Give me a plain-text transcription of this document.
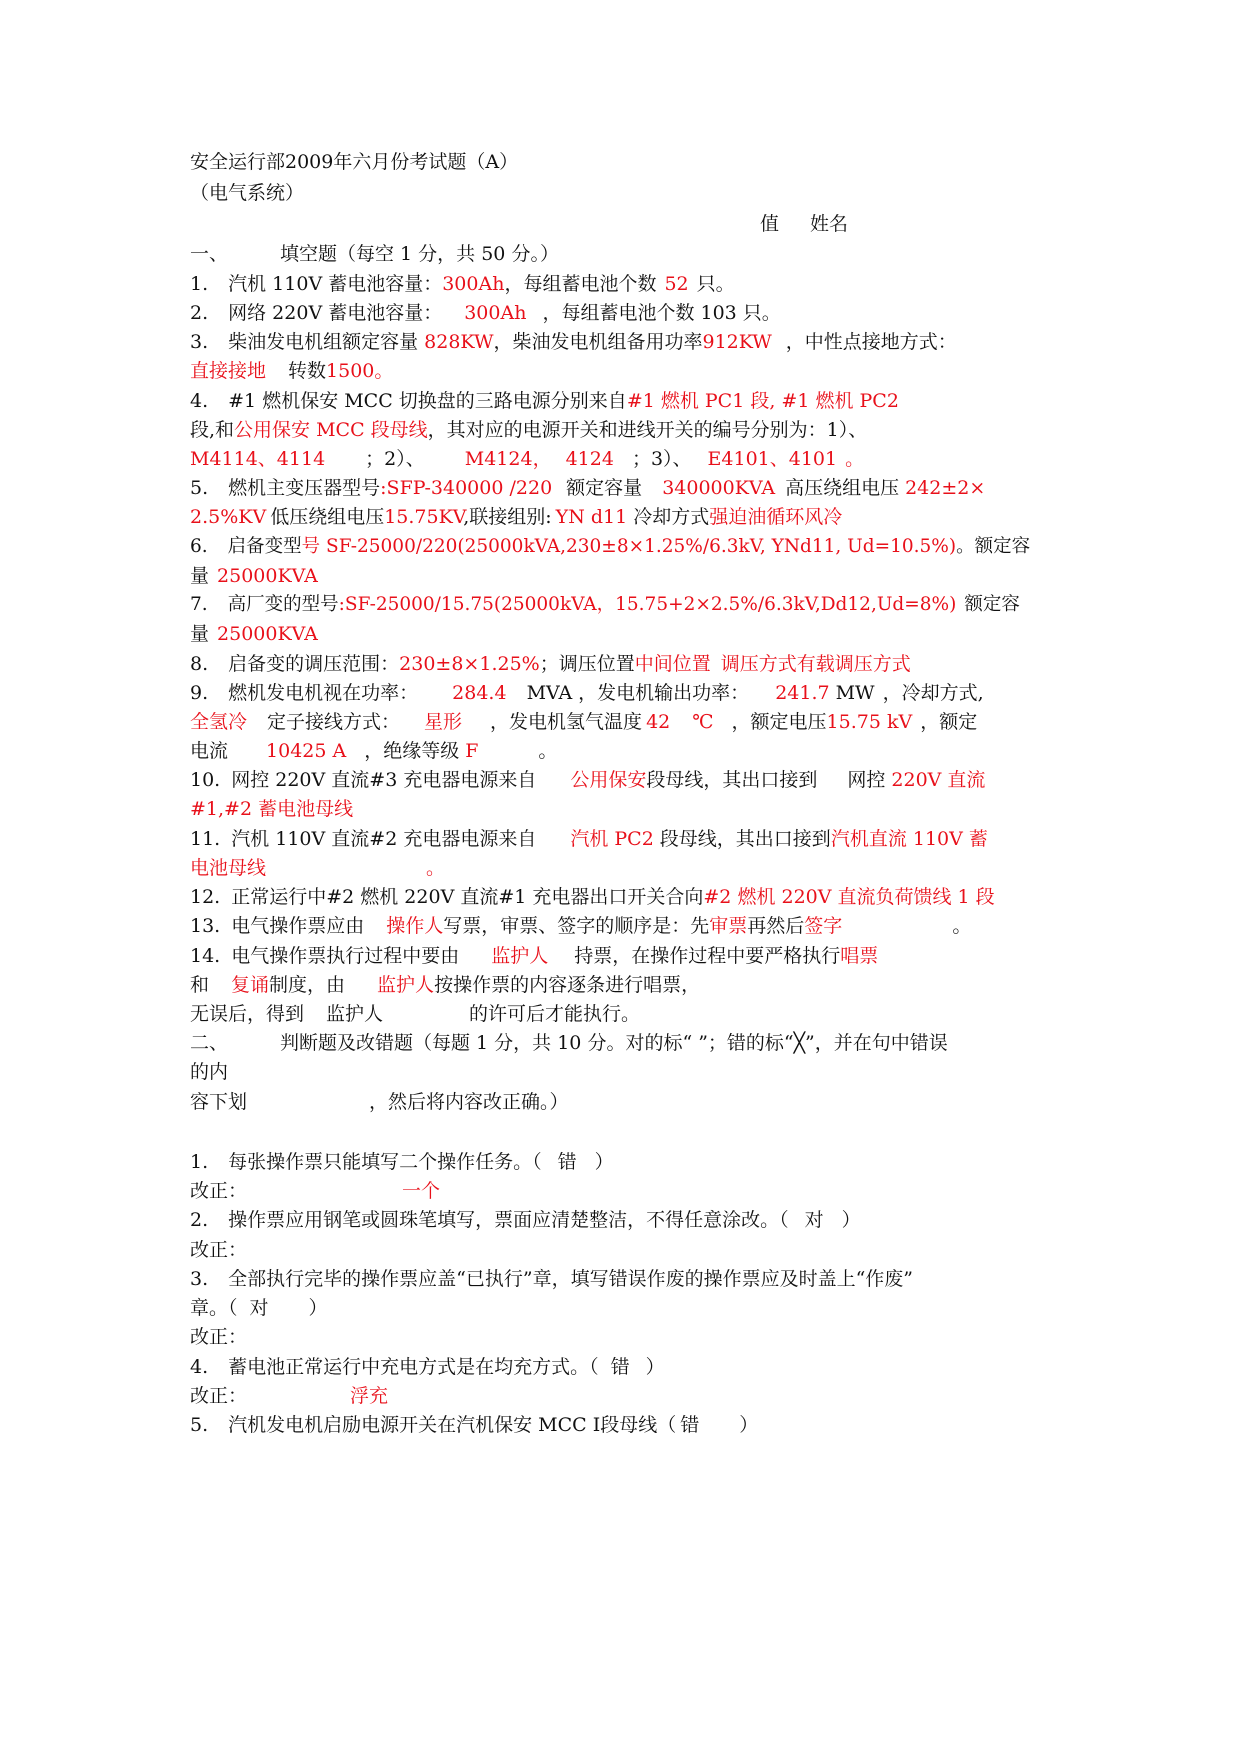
安全运行部2009年六月份考试题（A）
（电气系统）
值 姓名
一、	填空题（每空 1 分，共 50 分。）
1. 汽机 110V 蓄电池容量：300Ah，每组蓄电池个数 52 只。
2. 网络 220V 蓄电池容量： 300Ah ，每组蓄电池个数 103 只。
3. 柴油发电机组额定容量 828KW，柴油发电机组备用功率912KW ，中性点接地方式：
直接接地 转数1500。
4. #1 燃机保安 MCC 切换盘的三路电源分别来自#1 燃机 PC1 段, #1 燃机 PC2
段,和公用保安 MCC 段母线，其对应的电源开关和进线开关的编号分别为：1）、
M4114、4114 ；2）、 M4124， 4124 ；3）、 E4101、4101 。
5. 燃机主变压器型号:SFP-340000 /220 额定容量 340000KVA 高压绕组电压 242±2×
2.5%KV 低压绕组电压15.75KV,联接组别: YN d11 冷却方式强迫油循环风冷
6. 启备变型号 SF-25000/220(25000kVA,230±8×1.25%/6.3kV, YNd11, Ud=10.5%)。额定容
量 25000KVA
7. 高厂变的型号:SF-25000/15.75(25000kVA，15.75+2×2.5%/6.3kV,Dd12,Ud=8%) 额定容
量 25000KVA
8. 启备变的调压范围：230±8×1.25%；调压位置中间位置 调压方式有载调压方式
9. 燃机发电机视在功率： 284.4 MVA ，发电机输出功率： 241.7 MW ，冷却方式,
全氢冷 定子接线方式： 星形 ，发电机氢气温度 42 ℃ ，额定电压15.75 kV ，额定
电流 10425 A ，绝缘等级 F	。
10. 网控 220V 直流#3 充电器电源来自 公用保安段母线，其出口接到 网控 220V 直流
#1,#2 蓄电池母线
11. 汽机 110V 直流#2 充电器电源来自 汽机 PC2 段母线，其出口接到汽机直流 110V 蓄
电池母线	。
12. 正常运行中#2 燃机 220V 直流#1 充电器出口开关合向#2 燃机 220V 直流负荷馈线 1 段
13. 电气操作票应由 操作人写票，审票、签字的顺序是：先审票再然后签字	。
14. 电气操作票执行过程中要由 监护人 持票，在操作过程中要严格执行唱票
和 复诵制度，由 监护人按操作票的内容逐条进行唱票，
无误后，得到 监护人	的许可后才能执行。
二、	判断题及改错题（每题 1 分，共 10 分。对的标“ ”；错的标“╳”，并在句中错误
的内
容下划	，然后将内容改正确。）
1. 每张操作票只能填写二个操作任务。（ 错 ）
改正：	一个
2. 操作票应用钢笔或圆珠笔填写，票面应清楚整洁，不得任意涂改。（ 对 ）
改正：
3. 全部执行完毕的操作票应盖“已执行”章，填写错误作废的操作票应及时盖上“作废”
章。（ 对 ）
改正：
4. 蓄电池正常运行中充电方式是在均充方式。（ 错 ）
改正：	浮充
5. 汽机发电机启励电源开关在汽机保安 MCC Ⅰ段母线（ 错 ）
